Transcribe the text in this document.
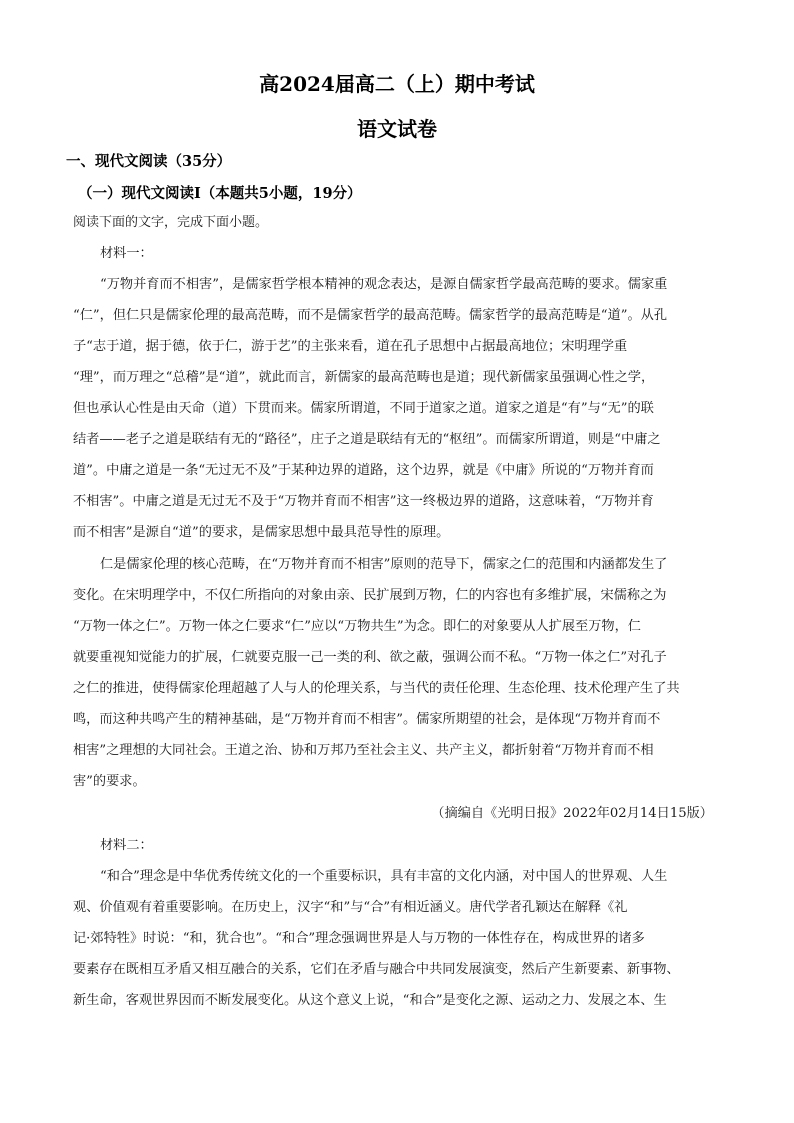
高2024届高二（上）期中考试
语文试卷
一、现代文阅读（35分）
（一）现代文阅读Ⅰ（本题共5小题，19分）
阅读下面的文字，完成下面小题。
材料一：
“万物并育而不相害”，是儒家哲学根本精神的观念表达，是源自儒家哲学最高范畴的要求。儒家重
“仁”，但仁只是儒家伦理的最高范畴，而不是儒家哲学的最高范畴。儒家哲学的最高范畴是“道”。从孔
子“志于道，据于德，依于仁，游于艺”的主张来看，道在孔子思想中占据最高地位；宋明理学重
“理”，而万理之“总稽”是“道”，就此而言，新儒家的最高范畴也是道；现代新儒家虽强调心性之学，
但也承认心性是由天命（道）下贯而来。儒家所谓道，不同于道家之道。道家之道是“有”与“无”的联
结者——老子之道是联结有无的“路径”，庄子之道是联结有无的“枢纽”。而儒家所谓道，则是“中庸之
道”。中庸之道是一条“无过无不及”于某种边界的道路，这个边界，就是《中庸》所说的“万物并育而
不相害”。中庸之道是无过无不及于“万物并育而不相害”这一终极边界的道路，这意味着，“万物并育
而不相害”是源自“道”的要求，是儒家思想中最具范导性的原理。
仁是儒家伦理的核心范畴，在“万物并育而不相害”原则的范导下，儒家之仁的范围和内涵都发生了
变化。在宋明理学中，不仅仁所指向的对象由亲、民扩展到万物，仁的内容也有多维扩展，宋儒称之为
“万物一体之仁”。万物一体之仁要求“仁”应以“万物共生”为念。即仁的对象要从人扩展至万物，仁
就要重视知觉能力的扩展，仁就要克服一己一类的利、欲之蔽，强调公而不私。“万物一体之仁”对孔子
之仁的推进，使得儒家伦理超越了人与人的伦理关系，与当代的责任伦理、生态伦理、技术伦理产生了共
鸣，而这种共鸣产生的精神基础，是“万物并育而不相害”。儒家所期望的社会，是体现“万物并育而不
相害”之理想的大同社会。王道之治、协和万邦乃至社会主义、共产主义，都折射着“万物并育而不相
害”的要求。
（摘编自《光明日报》2022年02月14日15版）
材料二：
“和合”理念是中华优秀传统文化的一个重要标识，具有丰富的文化内涵，对中国人的世界观、人生
观、价值观有着重要影响。在历史上，汉字“和”与“合”有相近涵义。唐代学者孔颖达在解释《礼
记·郊特牲》时说：“和，犹合也”。“和合”理念强调世界是人与万物的一体性存在，构成世界的诸多
要素存在既相互矛盾又相互融合的关系，它们在矛盾与融合中共同发展演变，然后产生新要素、新事物、
新生命，客观世界因而不断发展变化。从这个意义上说，“和合”是变化之源、运动之力、发展之本、生
